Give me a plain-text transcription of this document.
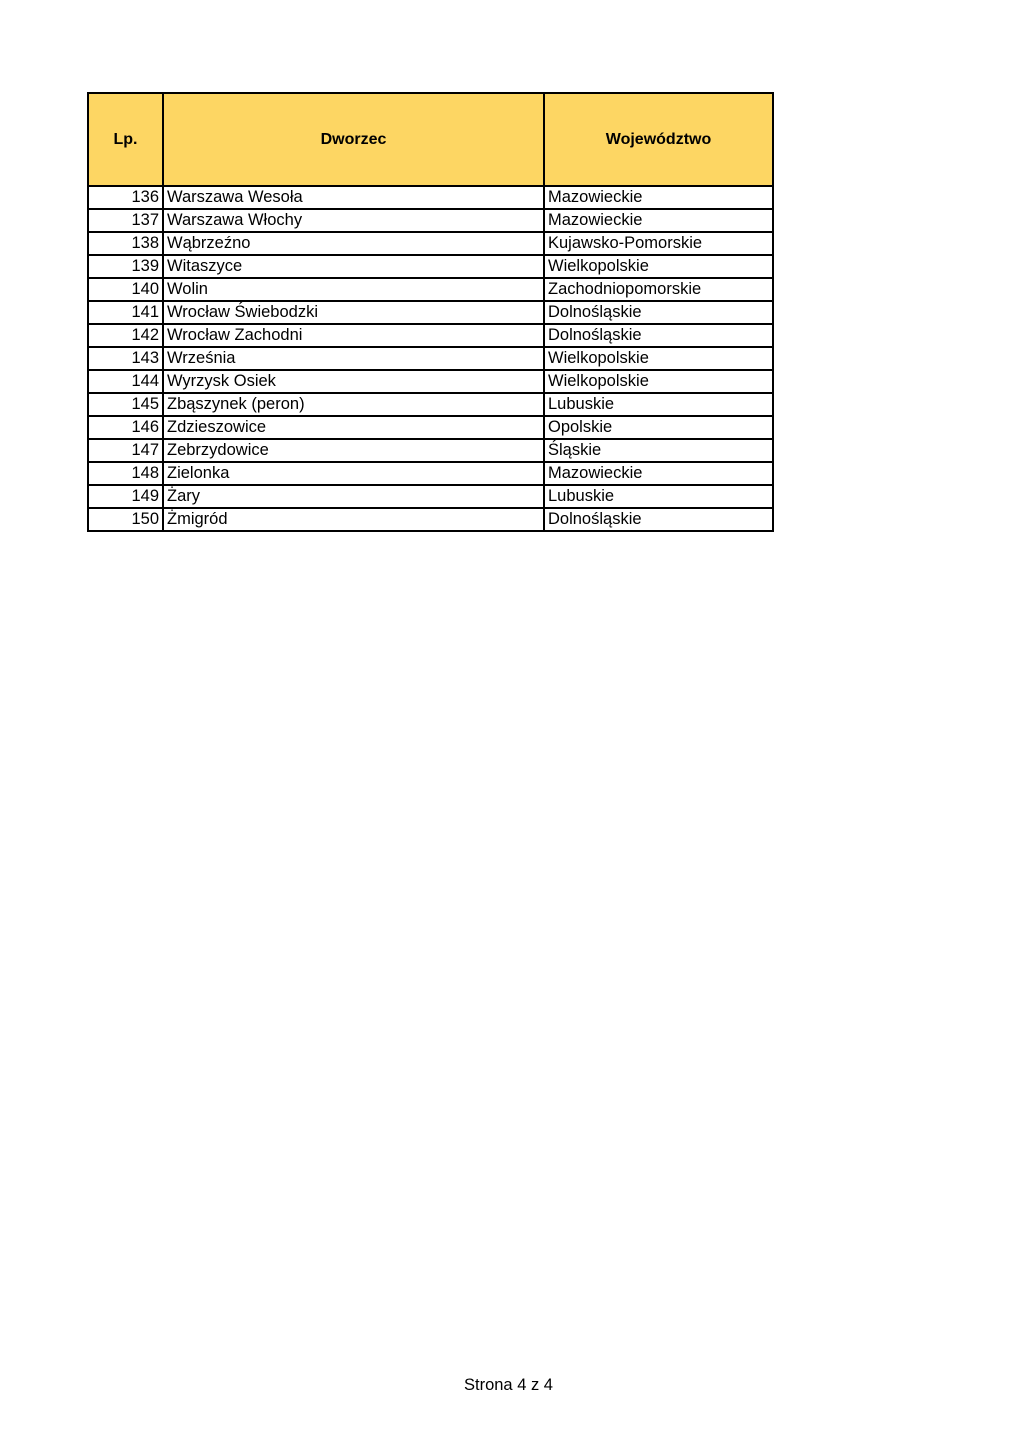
Lp.	Dworzec	Województwo
136	Warszawa Wesoła	Mazowieckie
137	Warszawa Włochy	Mazowieckie
138	Wąbrzeźno	Kujawsko-Pomorskie
139	Witaszyce	Wielkopolskie
140	Wolin	Zachodniopomorskie
141	Wrocław Świebodzki	Dolnośląskie
142	Wrocław Zachodni	Dolnośląskie
143	Września	Wielkopolskie
144	Wyrzysk Osiek	Wielkopolskie
145	Zbąszynek (peron)	Lubuskie
146	Zdzieszowice	Opolskie
147	Zebrzydowice	Śląskie
148	Zielonka	Mazowieckie
149	Żary	Lubuskie
150	Żmigród	Dolnośląskie
Strona 4 z 4
